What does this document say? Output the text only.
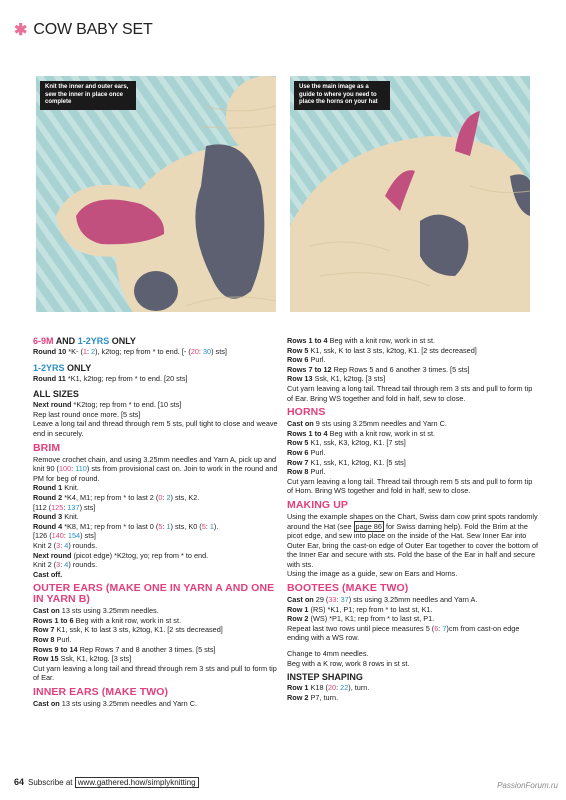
✱ COW BABY SET
Knit the inner and outer ears, sew the inner in place once complete
Use the main image as a guide to where you need to place the horns on your hat
6-9M AND 1-2YRS ONLY

Round 10 *K- (1: 2), k2tog; rep from * to end. [- (20: 30) sts]

1-2YRS ONLY

Round 11 *K1, k2tog; rep from * to end. [20 sts]

ALL SIZES

Next round *K2tog; rep from * to end. [10 sts]

Rep last round once more. [5 sts]

Leave a long tail and thread through rem 5 sts, pull tight to close and weave end in securely.

BRIM

Remove crochet chain, and using 3.25mm needles and Yarn A, pick up and knit 90 (100: 110) sts from provisional cast on. Join to work in the round and PM for beg of round.

Round 1 Knit.

Round 2 *K4, M1; rep from * to last 2 (0: 2) sts, K2.

[112 (125: 137) sts]

Round 3 Knit.

Round 4 *K8, M1; rep from * to last 0 (5: 1) sts, K0 (5: 1).

[126 (140: 154) sts]

Knit 2 (3: 4) rounds.

Next round (picot edge) *K2tog, yo; rep from * to end.

Knit 2 (3: 4) rounds.

Cast off.

OUTER EARS (MAKE ONE IN YARN A AND ONE IN YARN B)

Cast on 13 sts using 3.25mm needles.

Rows 1 to 6 Beg with a knit row, work in st st.

Row 7 K1, ssk, K to last 3 sts, k2tog, K1. [2 sts decreased]

Row 8 Purl.

Rows 9 to 14 Rep Rows 7 and 8 another 3 times. [5 sts]

Row 15 Ssk, K1, k2tog. [3 sts]

Cut yarn leaving a long tail and thread through rem 3 sts and pull to form tip of Ear.

INNER EARS (MAKE TWO)

Cast on 13 sts using 3.25mm needles and Yarn C.

Rows 1 to 4 Beg with a knit row, work in st st.

Row 5 K1, ssk, K to last 3 sts, k2tog, K1. [2 sts decreased]

Row 6 Purl.

Rows 7 to 12 Rep Rows 5 and 6 another 3 times. [5 sts]

Row 13 Ssk, K1, k2tog. [3 sts]

Cut yarn leaving a long tail. Thread tail through rem 3 sts and pull to form tip of Ear. Bring WS together and fold in half, sew to close.

HORNS

Cast on 9 sts using 3.25mm needles and Yarn C.

Rows 1 to 4 Beg with a knit row, work in st st.

Row 5 K1, ssk, K3, k2tog, K1. [7 sts]

Row 6 Purl.

Row 7 K1, ssk, K1, k2tog, K1. [5 sts]

Row 8 Purl.

Cut yarn leaving a long tail. Thread tail through rem 5 sts and pull to form tip of Horn. Bring WS together and fold in half, sew to close.

MAKING UP

Using the example shapes on the Chart, Swiss darn cow print spots randomly around the Hat (see page 86 for Swiss darning help). Fold the Brim at the picot edge, and sew into place on the inside of the Hat. Sew Inner Ear into Outer Ear, bring the cast-on edge of Outer Ear together to cover the bottom of the Inner Ear and secure with sts. Fold the base of the Ear in half and secure with sts.

Using the image as a guide, sew on Ears and Horns.

BOOTEES (MAKE TWO)

Cast on 29 (33: 37) sts using 3.25mm needles and Yarn A.

Row 1 (RS) *K1, P1; rep from * to last st, K1.

Row 2 (WS) *P1, K1; rep from * to last st, P1.

Repeat last two rows until piece measures 5 (6: 7)cm from cast-on edge ending with a WS row.

Change to 4mm needles.

Beg with a K row, work 8 rows in st st.

INSTEP SHAPING

Row 1 K18 (20: 22), turn.

Row 2 P7, turn.

64 Subscribe at www.gathered.how/simplyknitting	PassionForum.ru
